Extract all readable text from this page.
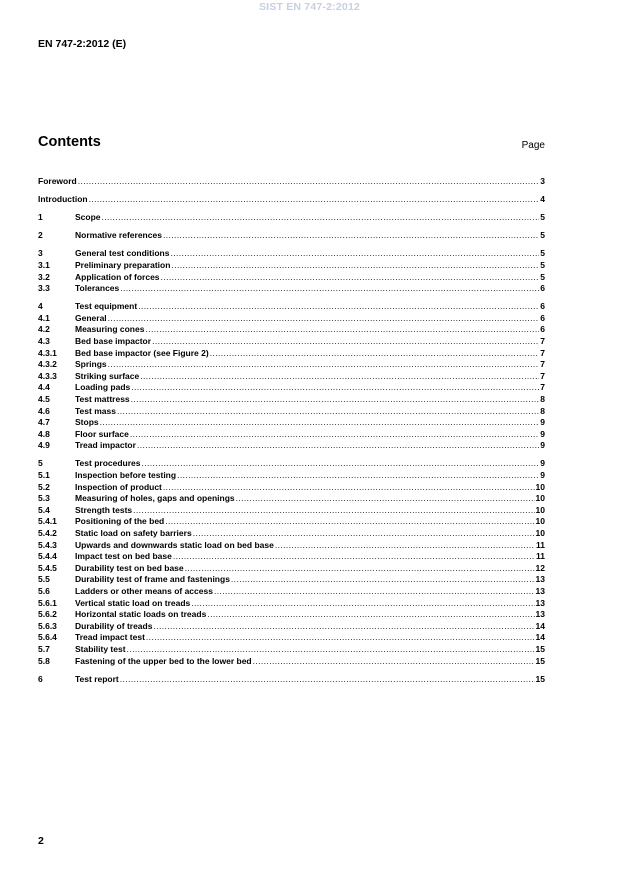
SIST EN 747-2:2012
EN 747-2:2012 (E)
Contents	Page
Foreword .....	3
Introduction .....	4
1	Scope .....	5
2	Normative references .....	5
3	General test conditions .....	5
3.1	Preliminary preparation .....	5
3.2	Application of forces .....	5
3.3	Tolerances .....	6
4	Test equipment .....	6
4.1	General .....	6
4.2	Measuring cones .....	6
4.3	Bed base impactor .....	7
4.3.1	Bed base impactor (see Figure 2) .....	7
4.3.2	Springs .....	7
4.3.3	Striking surface .....	7
4.4	Loading pads .....	7
4.5	Test mattress .....	8
4.6	Test mass .....	8
4.7	Stops .....	9
4.8	Floor surface .....	9
4.9	Tread impactor .....	9
5	Test procedures .....	9
5.1	Inspection before testing .....	9
5.2	Inspection of product .....	10
5.3	Measuring of holes, gaps and openings .....	10
5.4	Strength tests .....	10
5.4.1	Positioning of the bed .....	10
5.4.2	Static load on safety barriers .....	10
5.4.3	Upwards and downwards static load on bed base .....	11
5.4.4	Impact test on bed base .....	11
5.4.5	Durability test on bed base .....	12
5.5	Durability test of frame and fastenings .....	13
5.6	Ladders or other means of access .....	13
5.6.1	Vertical static load on treads .....	13
5.6.2	Horizontal static loads on treads .....	13
5.6.3	Durability of treads .....	14
5.6.4	Tread impact test .....	14
5.7	Stability test .....	15
5.8	Fastening of the upper bed to the lower bed .....	15
6	Test report .....	15
2
